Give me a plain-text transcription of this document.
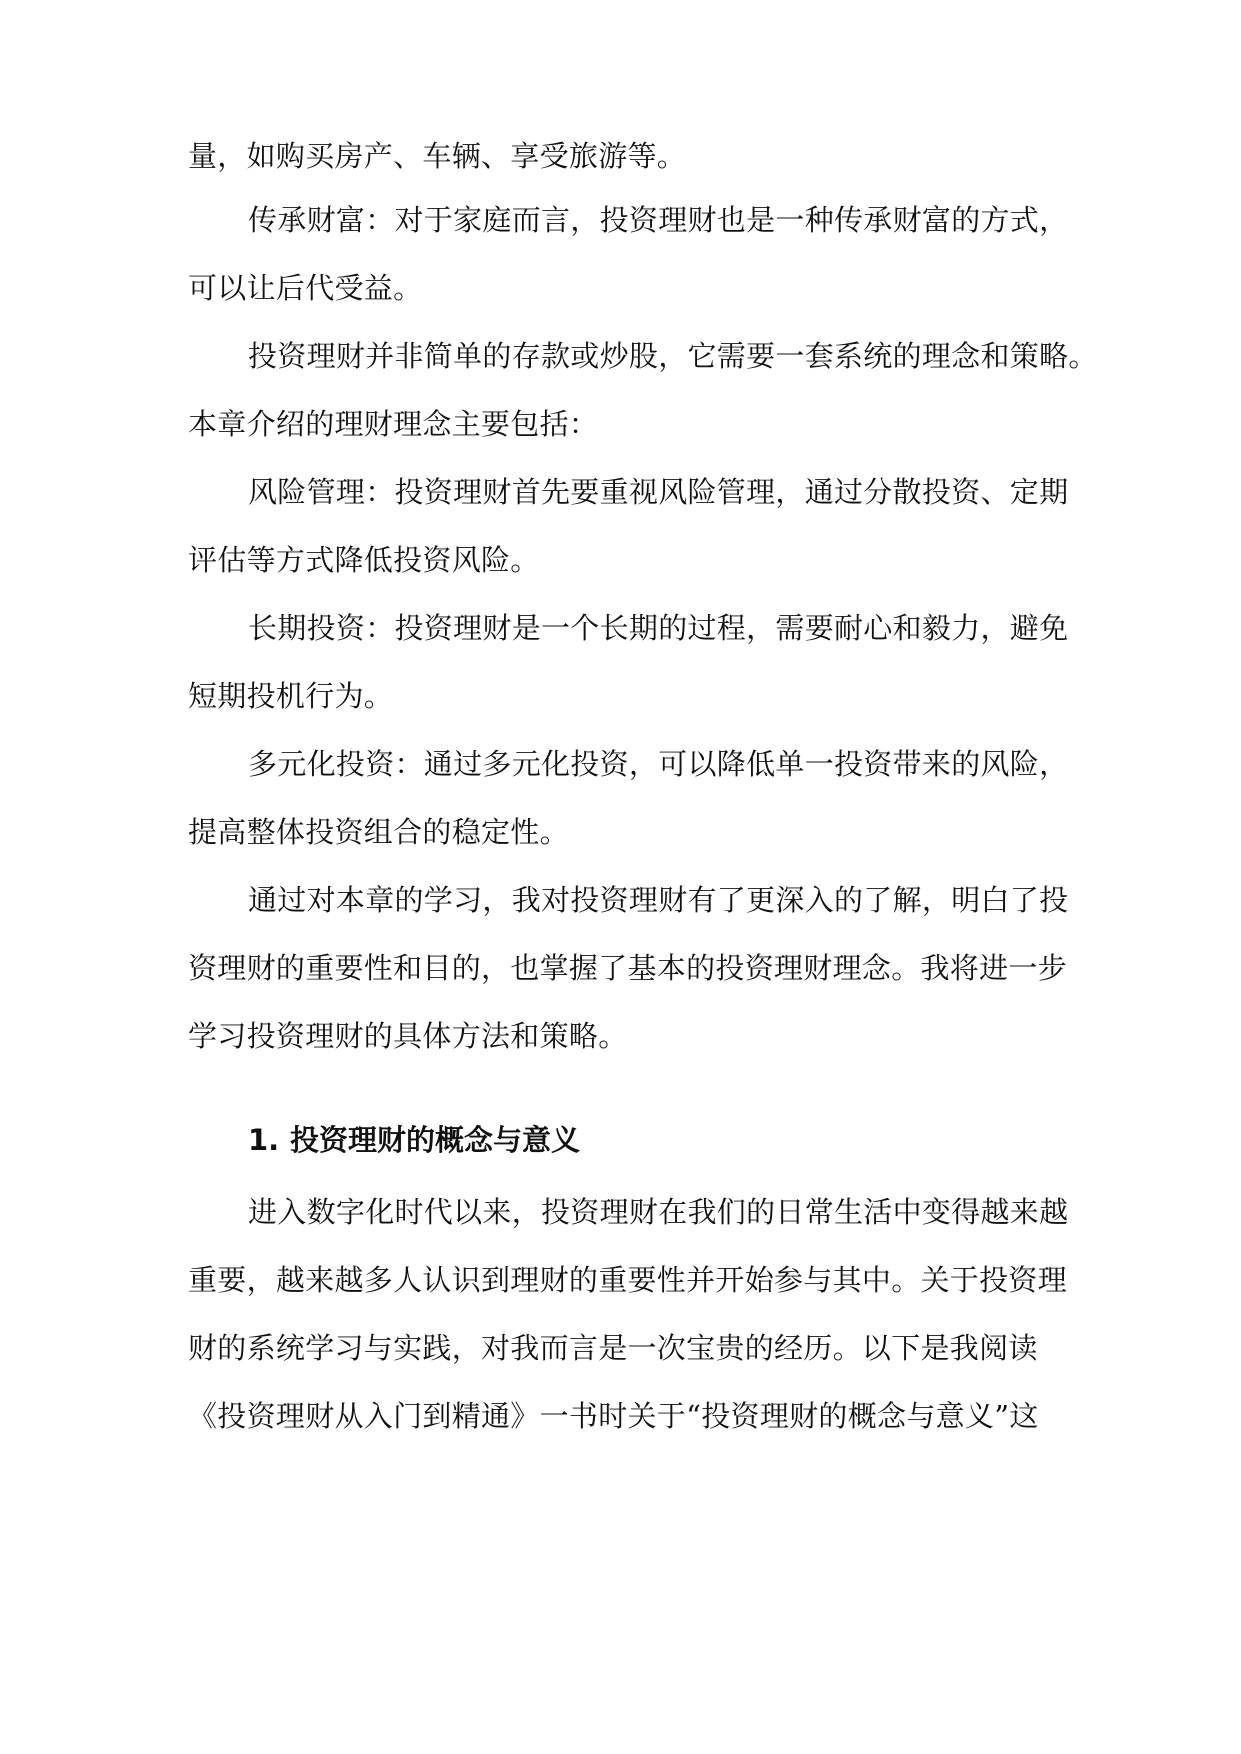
量，如购买房产、车辆、享受旅游等。
传承财富：对于家庭而言，投资理财也是一种传承财富的方式，
可以让后代受益。
投资理财并非简单的存款或炒股，它需要一套系统的理念和策略。
本章介绍的理财理念主要包括：
风险管理：投资理财首先要重视风险管理，通过分散投资、定期
评估等方式降低投资风险。
长期投资：投资理财是一个长期的过程，需要耐心和毅力，避免
短期投机行为。
多元化投资：通过多元化投资，可以降低单一投资带来的风险，
提高整体投资组合的稳定性。
通过对本章的学习，我对投资理财有了更深入的了解，明白了投
资理财的重要性和目的，也掌握了基本的投资理财理念。我将进一步
学习投资理财的具体方法和策略。
1. 投资理财的概念与意义
进入数字化时代以来，投资理财在我们的日常生活中变得越来越
重要，越来越多人认识到理财的重要性并开始参与其中。关于投资理
财的系统学习与实践，对我而言是一次宝贵的经历。以下是我阅读
《投资理财从入门到精通》一书时关于“投资理财的概念与意义”这
